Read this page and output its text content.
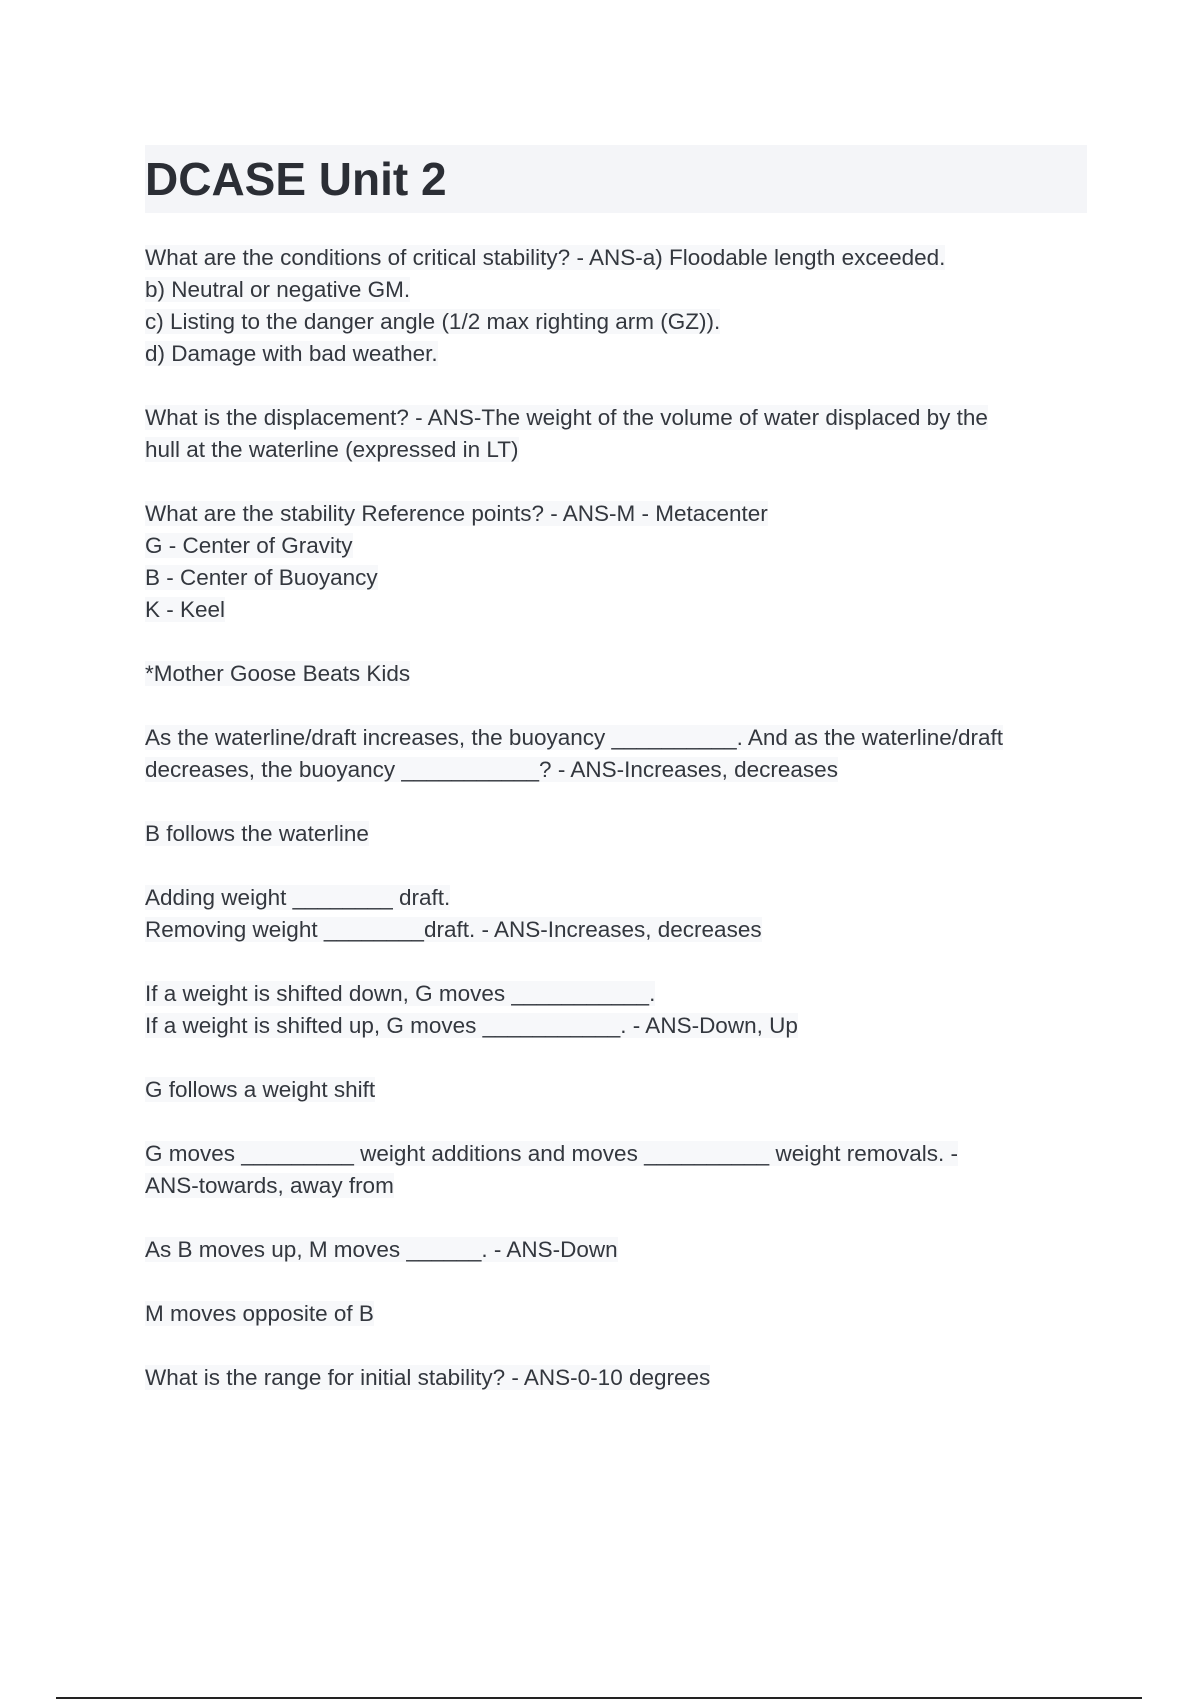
DCASE Unit 2
What are the conditions of critical stability? - ANS-a) Floodable length exceeded.
b) Neutral or negative GM.
c) Listing to the danger angle (1/2 max righting arm (GZ)).
d) Damage with bad weather.
What is the displacement? - ANS-The weight of the volume of water displaced by the
hull at the waterline (expressed in LT)
What are the stability Reference points? - ANS-M - Metacenter
G - Center of Gravity
B - Center of Buoyancy
K - Keel
*Mother Goose Beats Kids
As the waterline/draft increases, the buoyancy __________. And as the waterline/draft
decreases, the buoyancy ___________? - ANS-Increases, decreases
B follows the waterline
Adding weight ________ draft.
Removing weight ________draft. - ANS-Increases, decreases
If a weight is shifted down, G moves ___________.
If a weight is shifted up, G moves ___________. - ANS-Down, Up
G follows a weight shift
G moves _________ weight additions and moves __________ weight removals. -
ANS-towards, away from
As B moves up, M moves ______. - ANS-Down
M moves opposite of B
What is the range for initial stability? - ANS-0-10 degrees
